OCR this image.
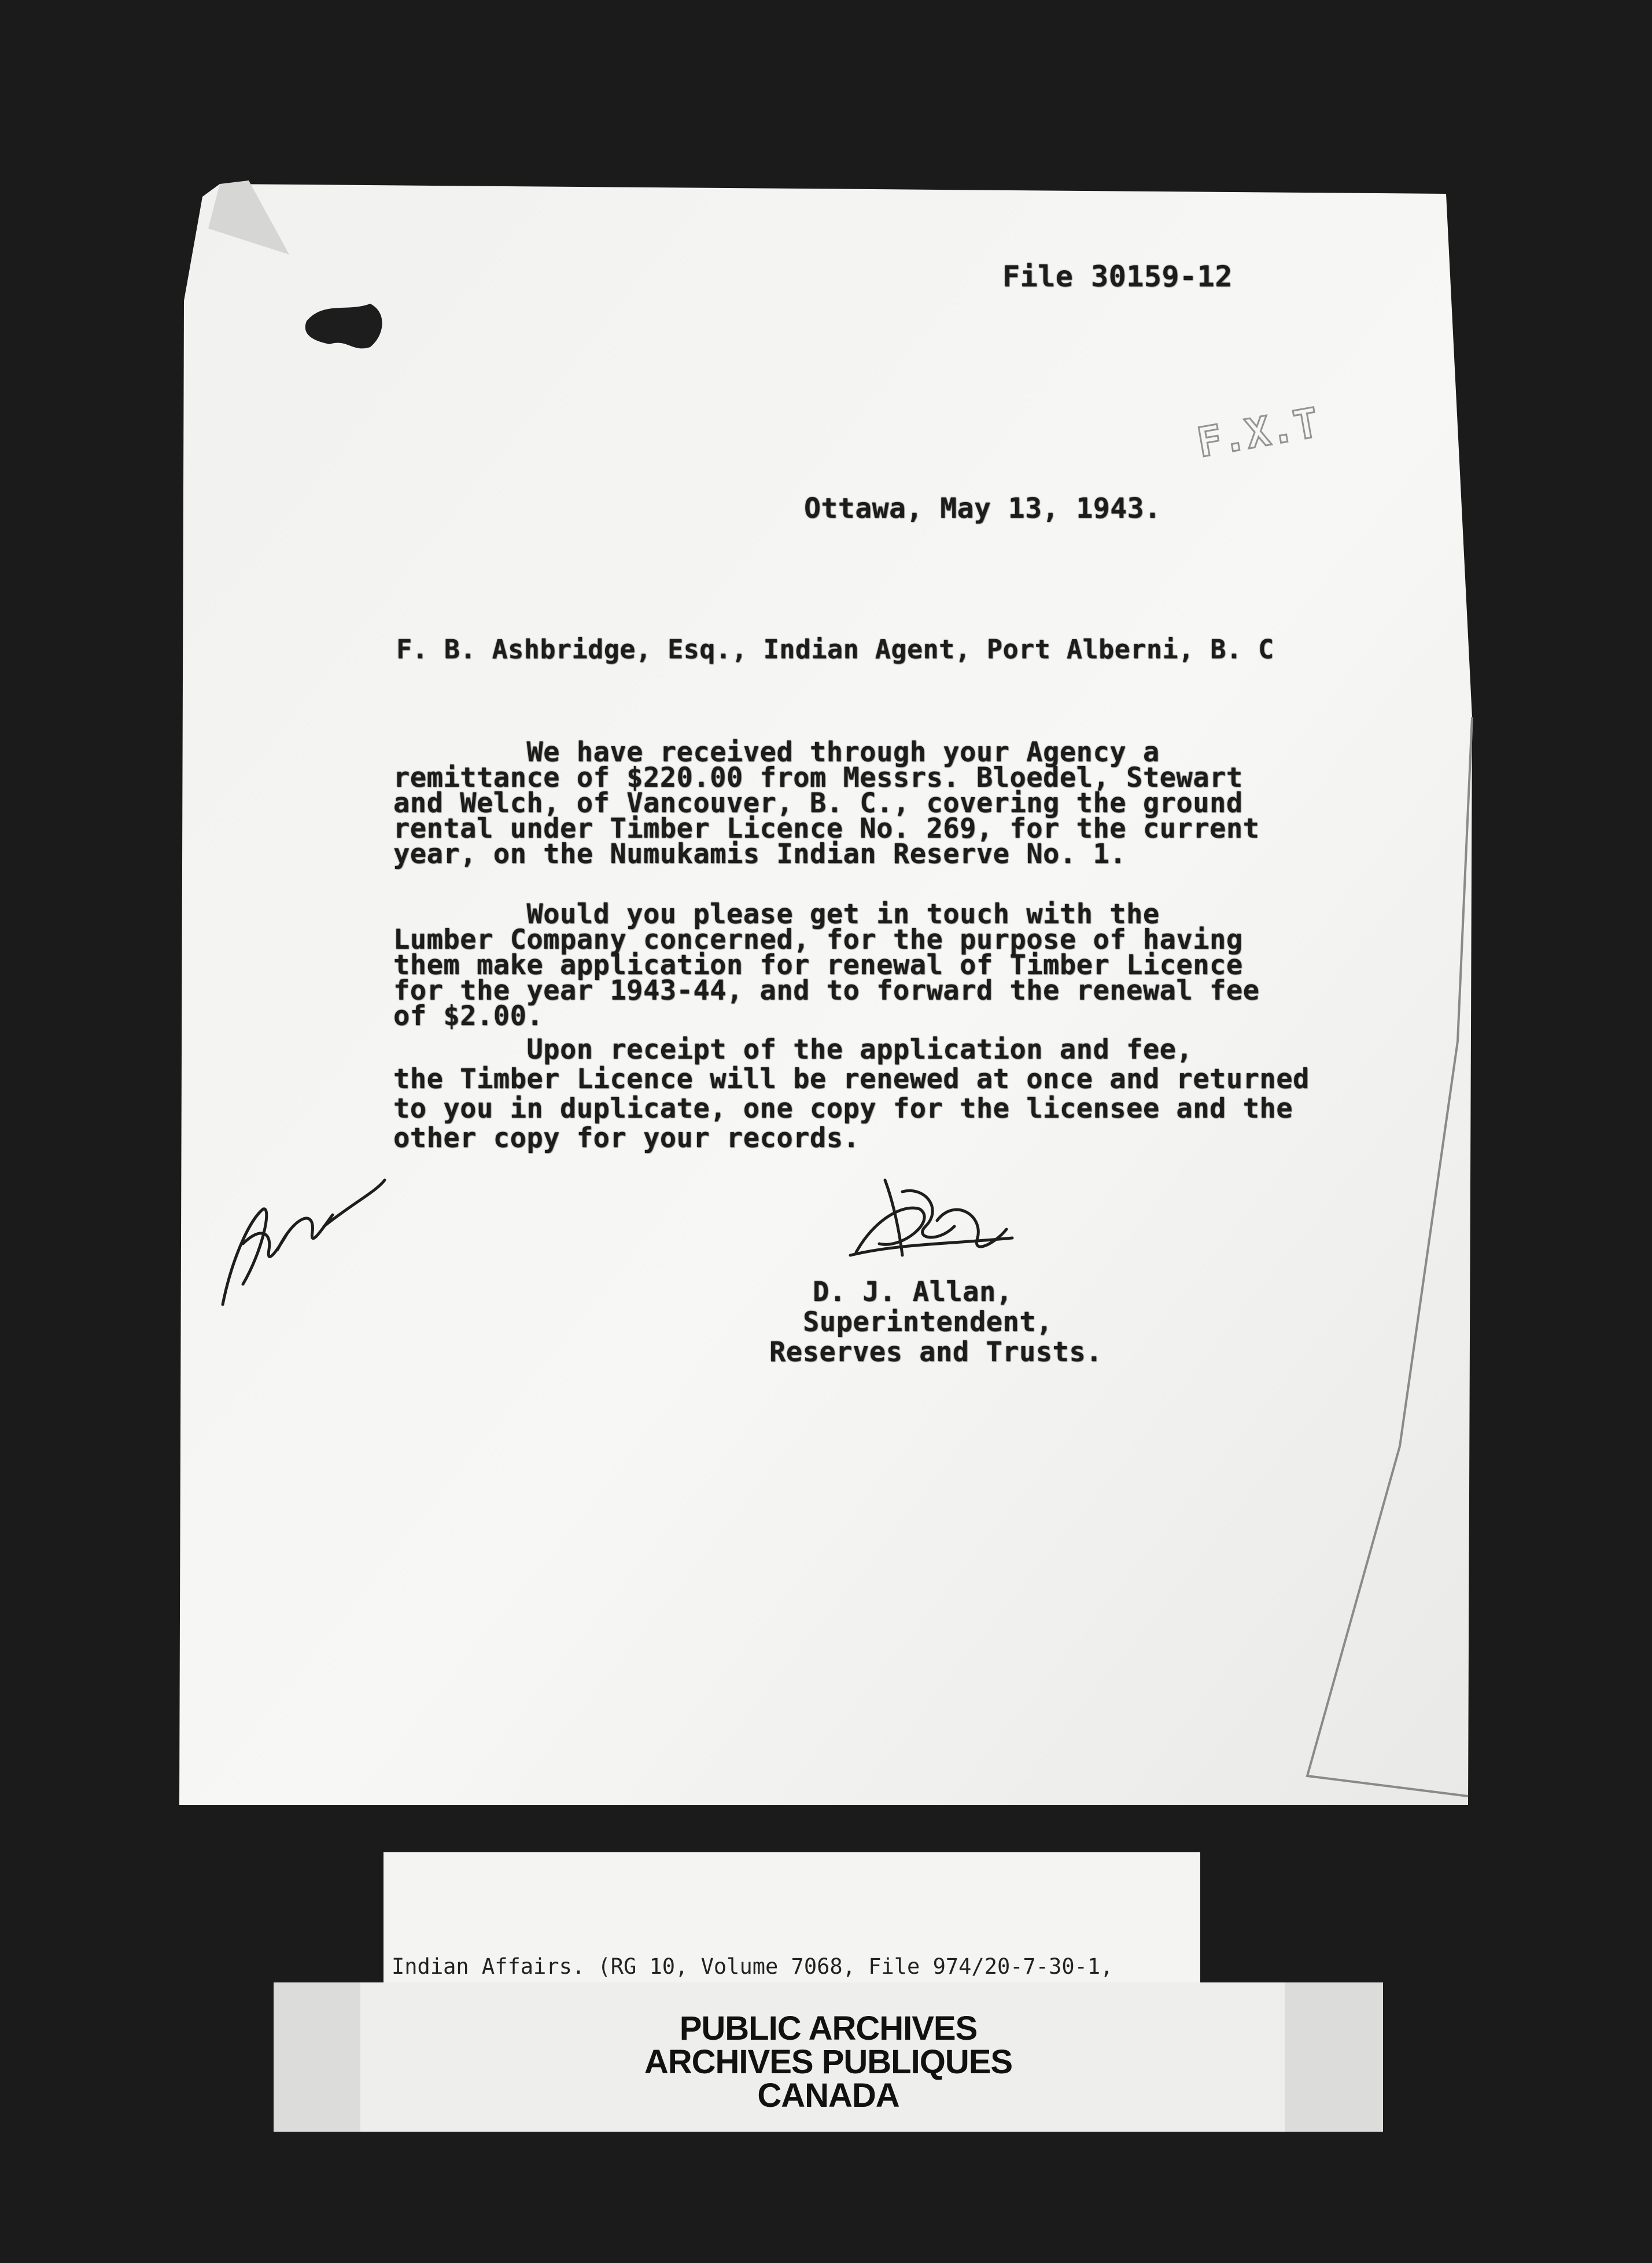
F.X.T
File 30159-12
Ottawa, May 13, 1943.
F. B. Ashbridge, Esq., Indian Agent, Port Alberni, B. C
We have received through your Agency a
remittance of $220.00 from Messrs. Bloedel, Stewart
and Welch, of Vancouver, B. C., covering the ground
rental under Timber Licence No. 269, for the current
year, on the Numukamis Indian Reserve No. 1.
Would you please get in touch with the
Lumber Company concerned, for the purpose of having
them make application for renewal of Timber Licence
for the year 1943-44, and to forward the renewal fee
of $2.00.
Upon receipt of the application and fee,
the Timber Licence will be renewed at once and returned
to you in duplicate, one copy for the licensee and the
other copy for your records.
D. J. Allan,
Superintendent,
Reserves and Trusts.

Indian Affairs. (RG 10, Volume 7068, File 974/20-7-30-1,

PUBLIC ARCHIVES
ARCHIVES PUBLIQUES
CANADA
